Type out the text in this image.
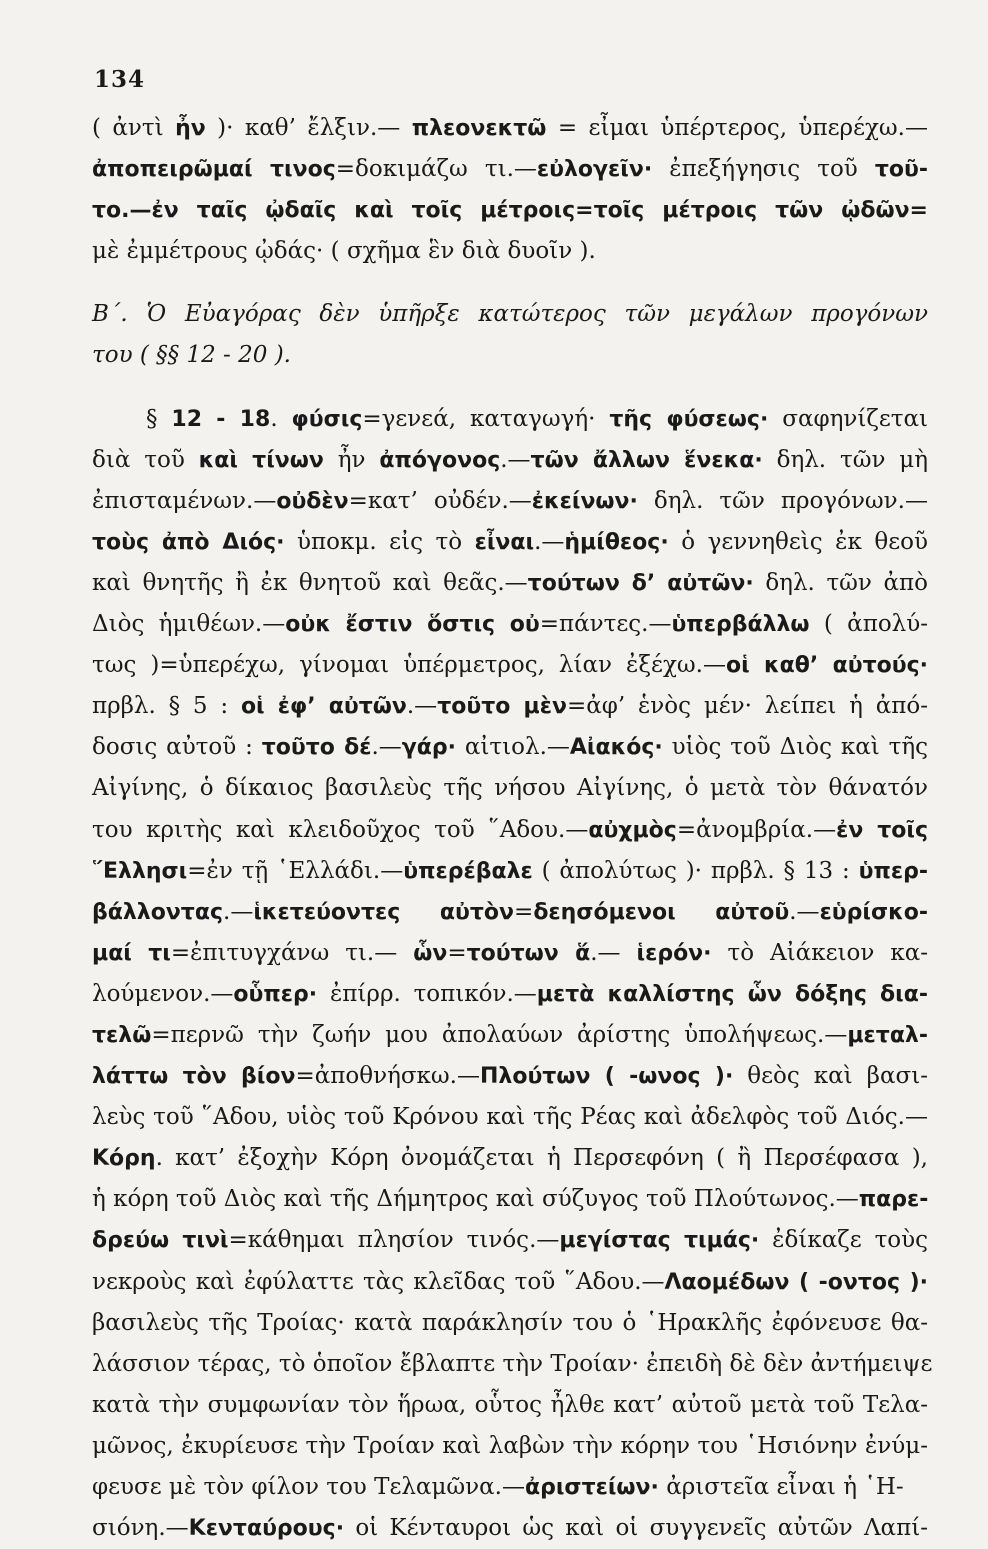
134
( ἀντὶ ἦν )· καθ’ ἔλξιν.— πλεονεκτῶ = εἶμαι ὑπέρτερος, ὑπερέχω.—
ἀποπειρῶμαί τινος=δοκιμάζω τι.—εὐλογεῖν· ἐπεξήγησις τοῦ τοῦ-
το.—ἐν ταῖς ᾠδαῖς καὶ τοῖς μέτροις=τοῖς μέτροις τῶν ᾠδῶν=
μὲ ἐμμέτρους ᾠδάς· ( σχῆμα ἓν διὰ δυοῖν ).
Β΄. Ὁ Εὐαγόρας δὲν ὑπῆρξε κατώτερος τῶν μεγάλων προγόνων
του ( §§ 12 - 20 ).
§ 12 - 18. φύσις=γενεά, καταγωγή· τῆς φύσεως· σαφηνίζεται
διὰ τοῦ καὶ τίνων ἦν ἀπόγονος.—τῶν ἄλλων ἕνεκα· δηλ. τῶν μὴ
ἐπισταμένων.—οὐδὲν=κατ’ οὐδέν.—ἐκείνων· δηλ. τῶν προγόνων.—
τοὺς ἀπὸ Διός· ὑποκμ. εἰς τὸ εἶναι.—ἡμίθεος· ὁ γεννηθεὶς ἐκ θεοῦ
καὶ θνητῆς ἢ ἐκ θνητοῦ καὶ θεᾶς.—τούτων δ’ αὐτῶν· δηλ. τῶν ἀπὸ
Διὸς ἡμιθέων.—οὐκ ἔστιν ὅστις οὐ=πάντες.—ὑπερβάλλω ( ἀπολύ-
τως )=ὑπερέχω, γίνομαι ὑπέρμετρος, λίαν ἐξέχω.—οἱ καθ’ αὐτούς·
πρβλ. § 5 : οἱ ἐφ’ αὐτῶν.—τοῦτο μὲν=ἀφ’ ἑνὸς μέν· λείπει ἡ ἀπό-
δοσις αὐτοῦ : τοῦτο δέ.—γάρ· αἰτιολ.—Αἰακός· υἱὸς τοῦ Διὸς καὶ τῆς
Αἰγίνης, ὁ δίκαιος βασιλεὺς τῆς νήσου Αἰγίνης, ὁ μετὰ τὸν θάνατόν
του κριτὴς καὶ κλειδοῦχος τοῦ ῞Αδου.—αὐχμὸς=ἀνομβρία.—ἐν τοῖς
῞Ελλησι=ἐν τῇ ῾Ελλάδι.—ὑπερέβαλε ( ἀπολύτως )· πρβλ. § 13 : ὑπερ-
βάλλοντας.—ἱκετεύοντες αὐτὸν=δεησόμενοι αὐτοῦ.—εὑρίσκο-
μαί τι=ἐπιτυγχάνω τι.— ὧν=τούτων ἅ.— ἱερόν· τὸ Αἰάκειον κα-
λούμενον.—οὗπερ· ἐπίρρ. τοπικόν.—μετὰ καλλίστης ὧν δόξης δια-
τελῶ=περνῶ τὴν ζωήν μου ἀπολαύων ἀρίστης ὑπολήψεως.—μεταλ-
λάττω τὸν βίον=ἀποθνήσκω.—Πλούτων ( -ωνος )· θεὸς καὶ βασι-
λεὺς τοῦ ῞Αδου, υἱὸς τοῦ Κρόνου καὶ τῆς Ρέας καὶ ἀδελφὸς τοῦ Διός.—
Κόρη. κατ’ ἐξοχὴν Κόρη ὀνομάζεται ἡ Περσεφόνη ( ἢ Περσέφασα ),
ἡ κόρη τοῦ Διὸς καὶ τῆς Δήμητρος καὶ σύζυγος τοῦ Πλούτωνος.—παρε-
δρεύω τινὶ=κάθημαι πλησίον τινός.—μεγίστας τιμάς· ἐδίκαζε τοὺς
νεκροὺς καὶ ἐφύλαττε τὰς κλεῖδας τοῦ ῞Αδου.—Λαομέδων ( -οντος )·
βασιλεὺς τῆς Τροίας· κατὰ παράκλησίν του ὁ ῾Ηρακλῆς ἐφόνευσε θα-
λάσσιον τέρας, τὸ ὁποῖον ἔβλαπτε τὴν Τροίαν· ἐπειδὴ δὲ δὲν ἀντήμειψε
κατὰ τὴν συμφωνίαν τὸν ἥρωα, οὗτος ἦλθε κατ’ αὐτοῦ μετὰ τοῦ Τελα-
μῶνος, ἐκυρίευσε τὴν Τροίαν καὶ λαβὼν τὴν κόρην του ῾Ησιόνην ἐνύμ-
φευσε μὲ τὸν φίλον του Τελαμῶνα.—ἀριστείων· ἀριστεῖα εἶναι ἡ ῾Η-
σιόνη.—Κενταύρους· οἱ Κένταυροι ὡς καὶ οἱ συγγενεῖς αὐτῶν Λαπί-
